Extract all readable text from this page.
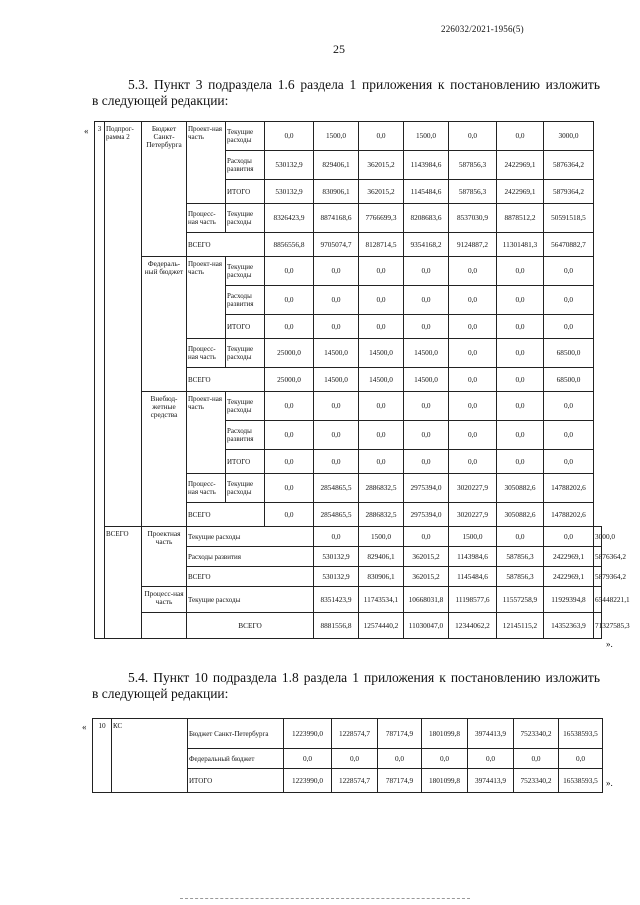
226032/2021-1956(5)
25
5.3. Пункт 3 подраздела 1.6 раздела 1 приложения к постановлению изложить
в следующей редакции:
«
».
3	Подпрог-рамма 2	Бюджет Санкт-Петербурга	Проект-ная часть	Текущие расходы	0,0	1500,0	0,0	1500,0	0,0	0,0	3000,0	
				Расходы развития	530132,9	829406,1	362015,2	1143984,6	587856,3	2422969,1	5876364,2	
				ИТОГО	530132,9	830906,1	362015,2	1145484,6	587856,3	2422969,1	5879364,2	
			Процесс-ная часть	Текущие расходы	8326423,9	8874168,6	7766699,3	8208683,6	8537030,9	8878512,2	50591518,5	
			ВСЕГО		8856556,8	9705074,7	8128714,5	9354168,2	9124887,2	11301481,3	56470882,7	
		Федераль-ный бюджет	Проект-ная часть	Текущие расходы	0,0	0,0	0,0	0,0	0,0	0,0	0,0	
				Расходы развития	0,0	0,0	0,0	0,0	0,0	0,0	0,0	
				ИТОГО	0,0	0,0	0,0	0,0	0,0	0,0	0,0	
			Процесс-ная часть	Текущие расходы	25000,0	14500,0	14500,0	14500,0	0,0	0,0	68500,0	
			ВСЕГО		25000,0	14500,0	14500,0	14500,0	0,0	0,0	68500,0	
		Внебюд-жетные средства	Проект-ная часть	Текущие расходы	0,0	0,0	0,0	0,0	0,0	0,0	0,0	
				Расходы развития	0,0	0,0	0,0	0,0	0,0	0,0	0,0	
				ИТОГО	0,0	0,0	0,0	0,0	0,0	0,0	0,0	
			Процесс-ная часть	Текущие расходы	0,0	2854865,5	2886832,5	2975394,0	3020227,9	3050882,6	14788202,6	
			ВСЕГО		0,0	2854865,5	2886832,5	2975394,0	3020227,9	3050882,6	14788202,6	
	ВСЕГО	Проектная часть	Текущие расходы			0,0	1500,0	0,0	1500,0	0,0	0,0	3000,0
			Расходы развития			530132,9	829406,1	362015,2	1143984,6	587856,3	2422969,1	5876364,2
			ВСЕГО			530132,9	830906,1	362015,2	1145484,6	587856,3	2422969,1	5879364,2
		Процесс-ная часть	Текущие расходы			8351423,9	11743534,1	10668031,8	11198577,6	11557258,9	11929394,8	65448221,1
			ВСЕГО			8881556,8	12574440,2	11030047,0	12344062,2	12145115,2	14352363,9	71327585,3
5.4. Пункт 10 подраздела 1.8 раздела 1 приложения к постановлению изложить
в следующей редакции:
«
».
10	КС	Бюджет Санкт-Петербурга	1223990,0	1228574,7	787174,9	1801099,8	3974413,9	7523340,2	16538593,5
		Федеральный бюджет	0,0	0,0	0,0	0,0	0,0	0,0	0,0
		ИТОГО	1223990,0	1228574,7	787174,9	1801099,8	3974413,9	7523340,2	16538593,5
